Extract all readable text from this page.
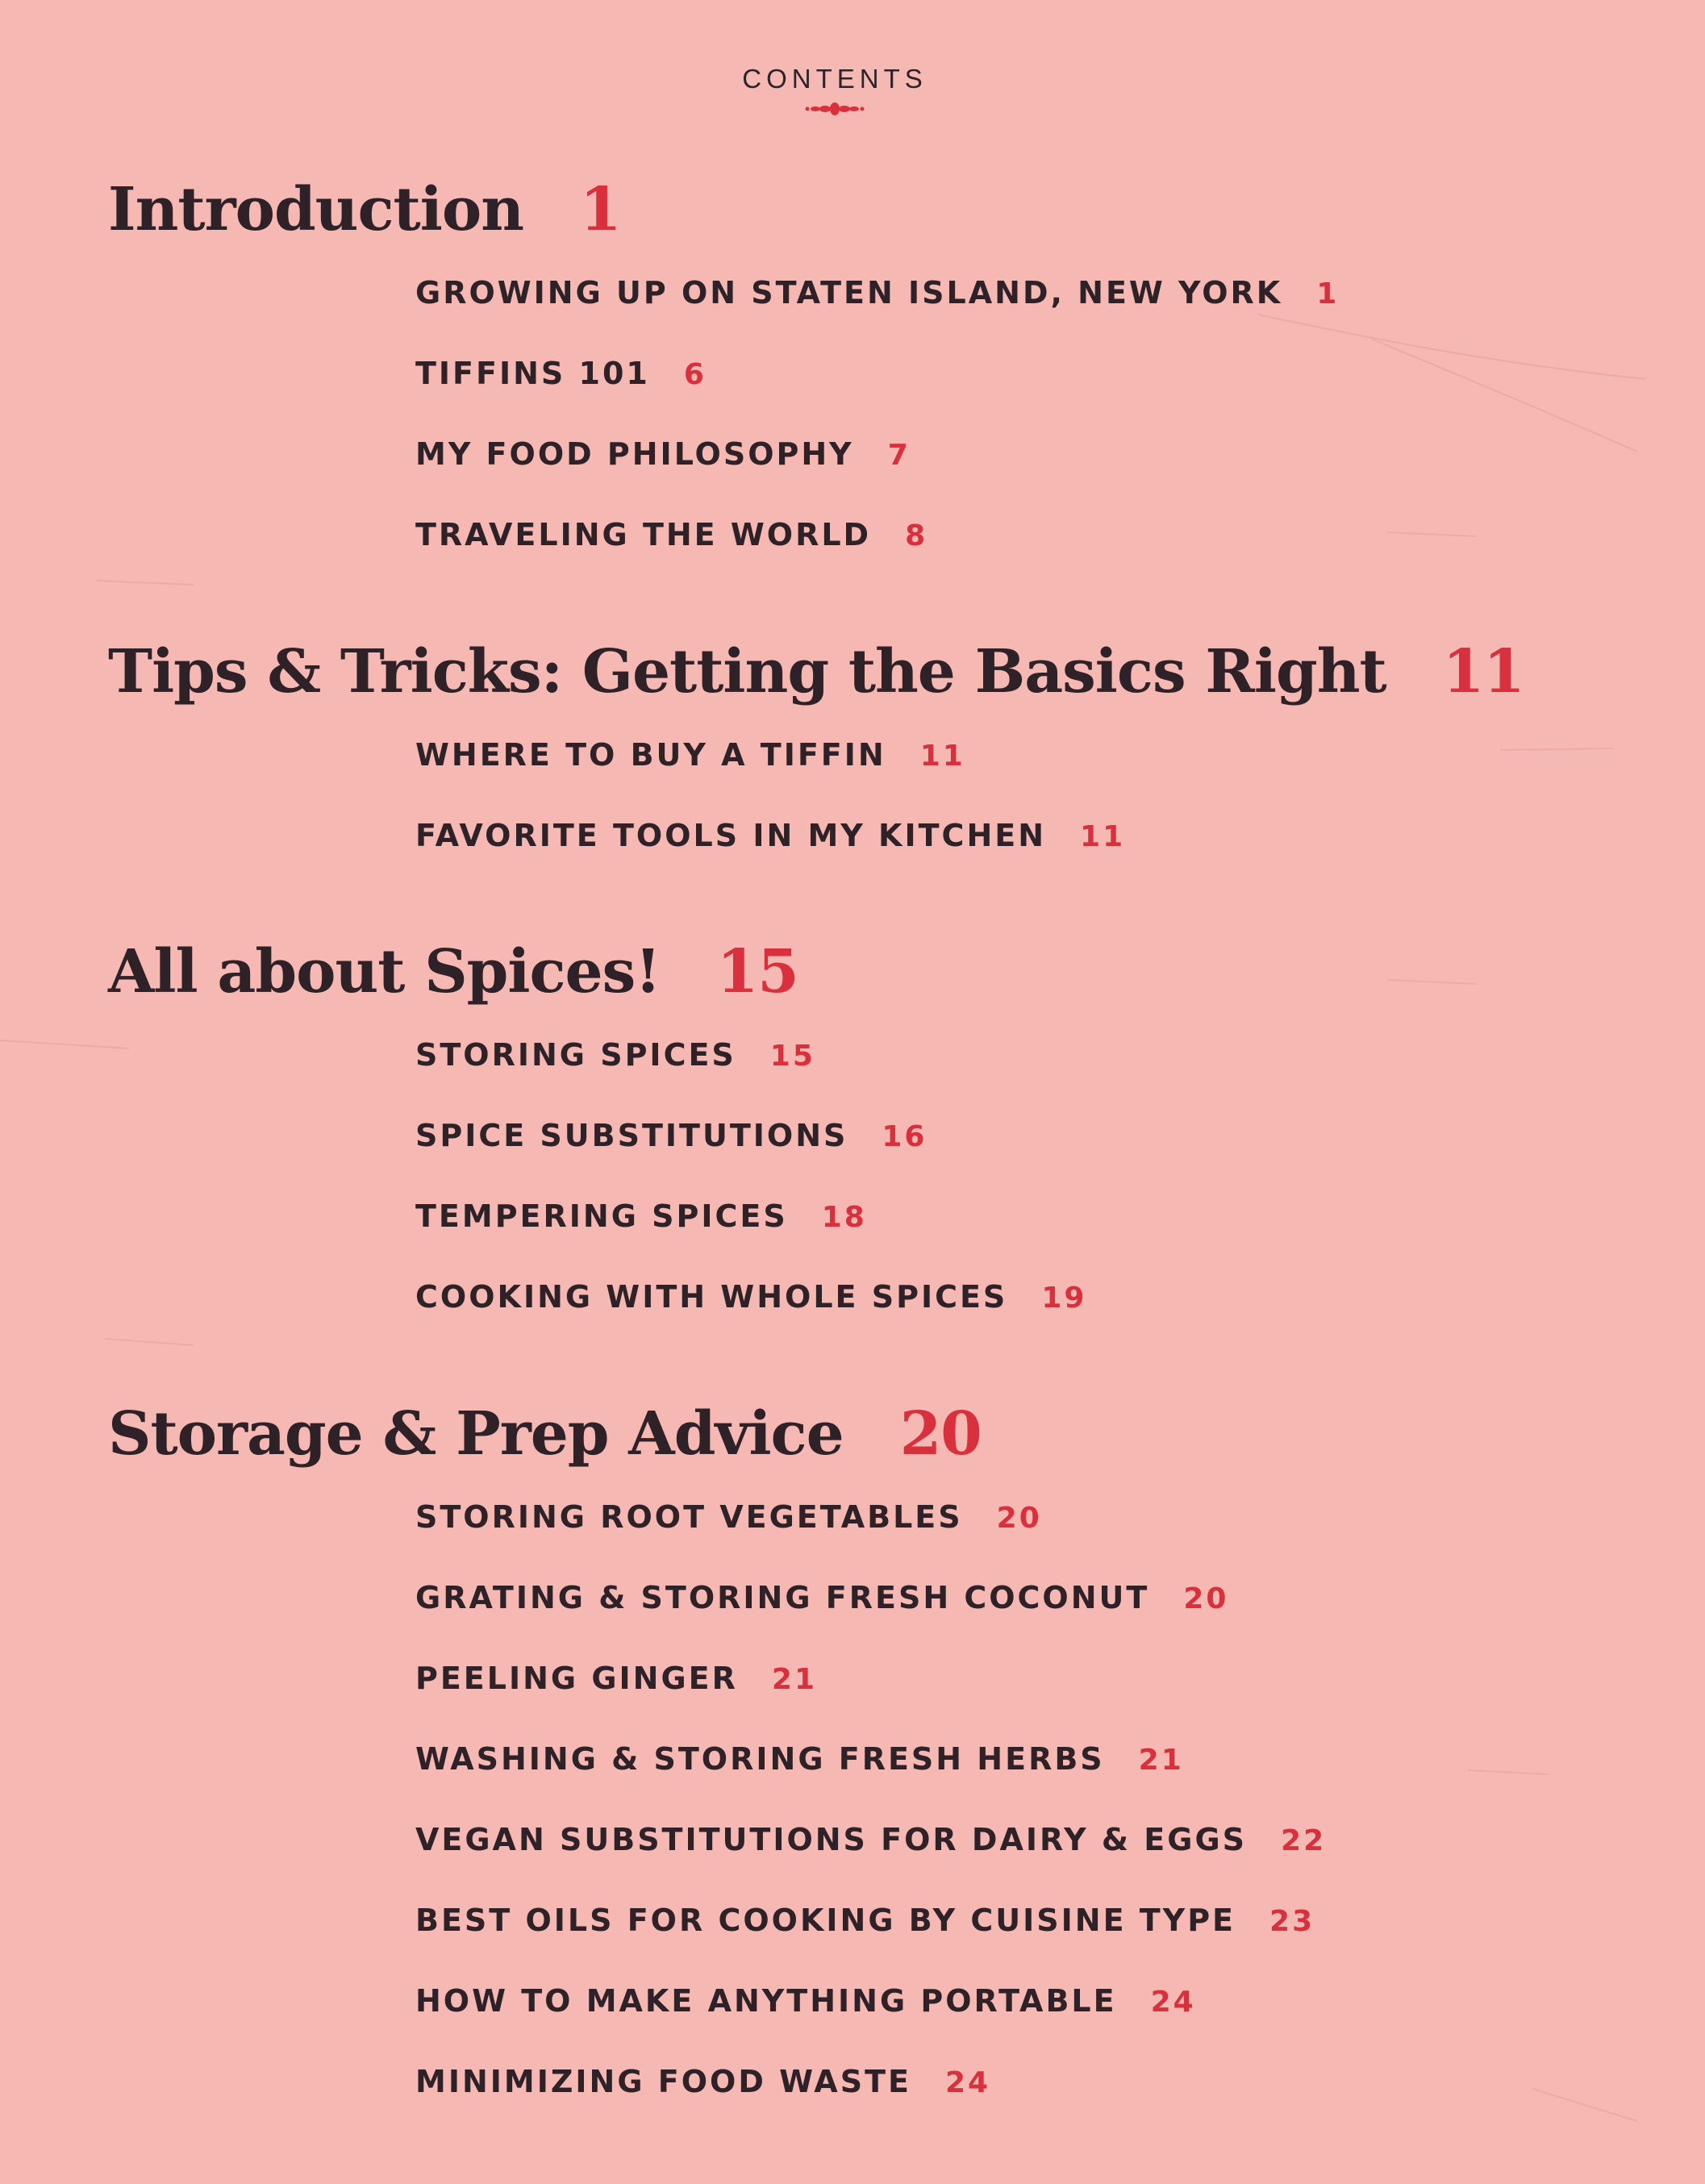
CONTENTS
Introduction 1
GROWING UP ON STATEN ISLAND, NEW YORK 1
TIFFINS 101 6
MY FOOD PHILOSOPHY 7
TRAVELING THE WORLD 8
Tips & Tricks: Getting the Basics Right 11
WHERE TO BUY A TIFFIN 11
FAVORITE TOOLS IN MY KITCHEN 11
All about Spices! 15
STORING SPICES 15
SPICE SUBSTITUTIONS 16
TEMPERING SPICES 18
COOKING WITH WHOLE SPICES 19
Storage & Prep Advice 20
STORING ROOT VEGETABLES 20
GRATING & STORING FRESH COCONUT 20
PEELING GINGER 21
WASHING & STORING FRESH HERBS 21
VEGAN SUBSTITUTIONS FOR DAIRY & EGGS 22
BEST OILS FOR COOKING BY CUISINE TYPE 23
HOW TO MAKE ANYTHING PORTABLE 24
MINIMIZING FOOD WASTE 24
